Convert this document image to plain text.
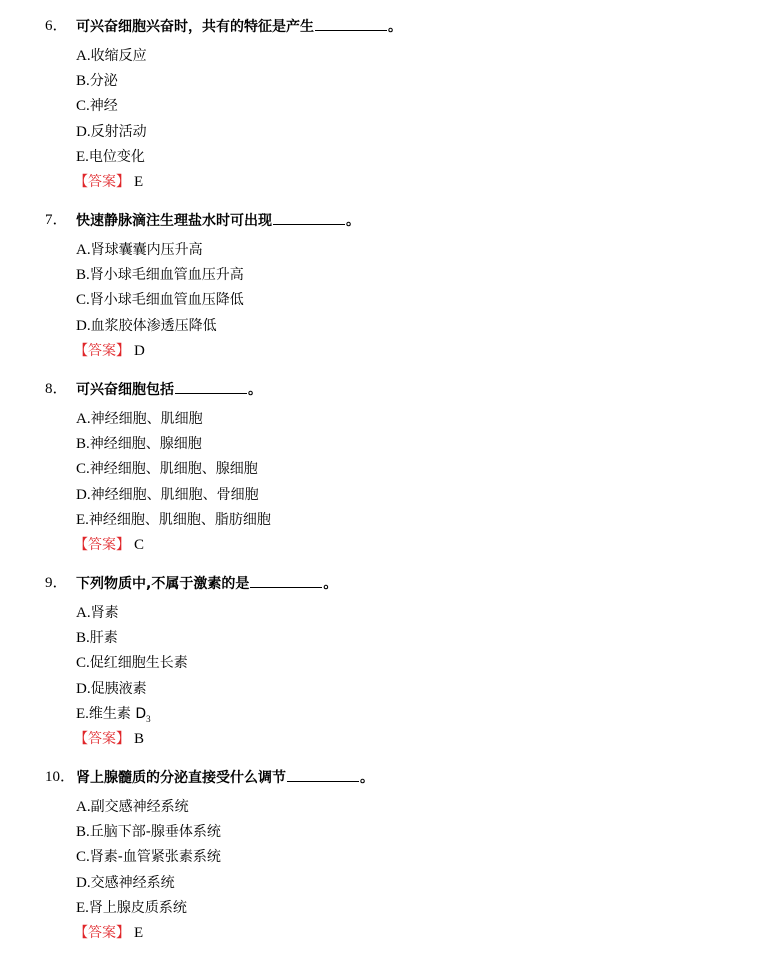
6． 可兴奋细胞兴奋时，共有的特征是产生	。
A.收缩反应
B.分泌
C.神经
D.反射活动
E.电位变化
【答案】 E
7． 快速静脉滴注生理盐水时可出现	。
A.肾球囊囊内压升高
B.肾小球毛细血管血压升高
C.肾小球毛细血管血压降低
D.血浆胶体渗透压降低
【答案】 D
8． 可兴奋细胞包括	。
A.神经细胞、肌细胞
B.神经细胞、腺细胞
C.神经细胞、肌细胞、腺细胞
D.神经细胞、肌细胞、骨细胞
E.神经细胞、肌细胞、脂肪细胞
【答案】 C
9． 下列物质中,不属于激素的是	。
A.肾素
B.肝素
C.促红细胞生长素
D.促胰液素
E.维生素 $D_3$
【答案】 B
10． 肾上腺髓质的分泌直接受什么调节	。
A.副交感神经系统
B.丘脑下部-腺垂体系统
C.肾素-血管紧张素系统
D.交感神经系统
E.肾上腺皮质系统
【答案】 E
